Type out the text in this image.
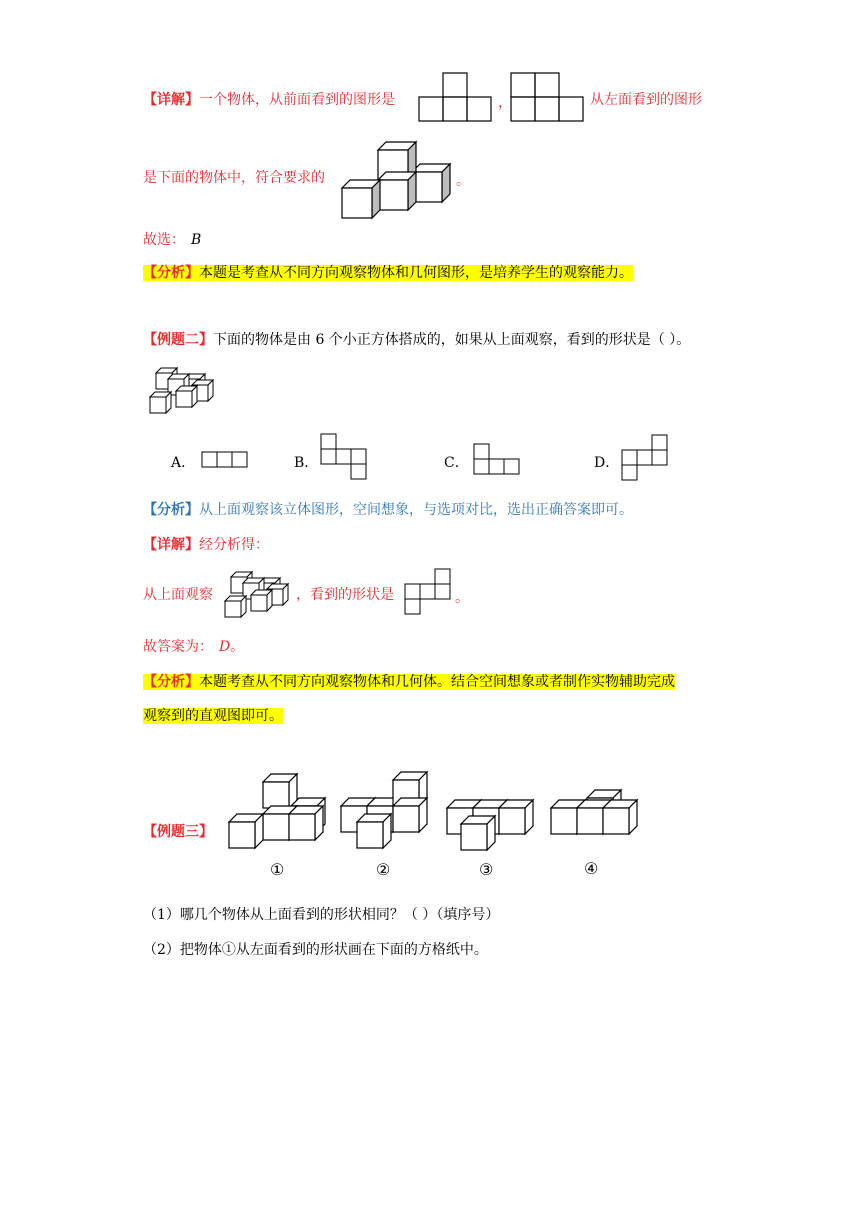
【详解】一个物体，从前面看到的图形是	，	从左面看到的图形
是下面的物体中，符合要求的	。
故选： B
【分析】本题是考查从不同方向观察物体和几何图形，是培养学生的观察能力。
【例题二】下面的物体是由 6 个小正方体搭成的，如果从上面观察，看到的形状是（ ）。
A．	B．	C．	D．
【分析】从上面观察该立体图形，空间想象，与选项对比，选出正确答案即可。
【详解】经分析得：
从上面观察	，看到的形状是	。
故答案为： D。
【分析】本题考查从不同方向观察物体和几何体。结合空间想象或者制作实物辅助完成
观察到的直观图即可。
【例题三】
①	②	③	④
（1）哪几个物体从上面看到的形状相同？（ ）（填序号）
（2）把物体①从左面看到的形状画在下面的方格纸中。
